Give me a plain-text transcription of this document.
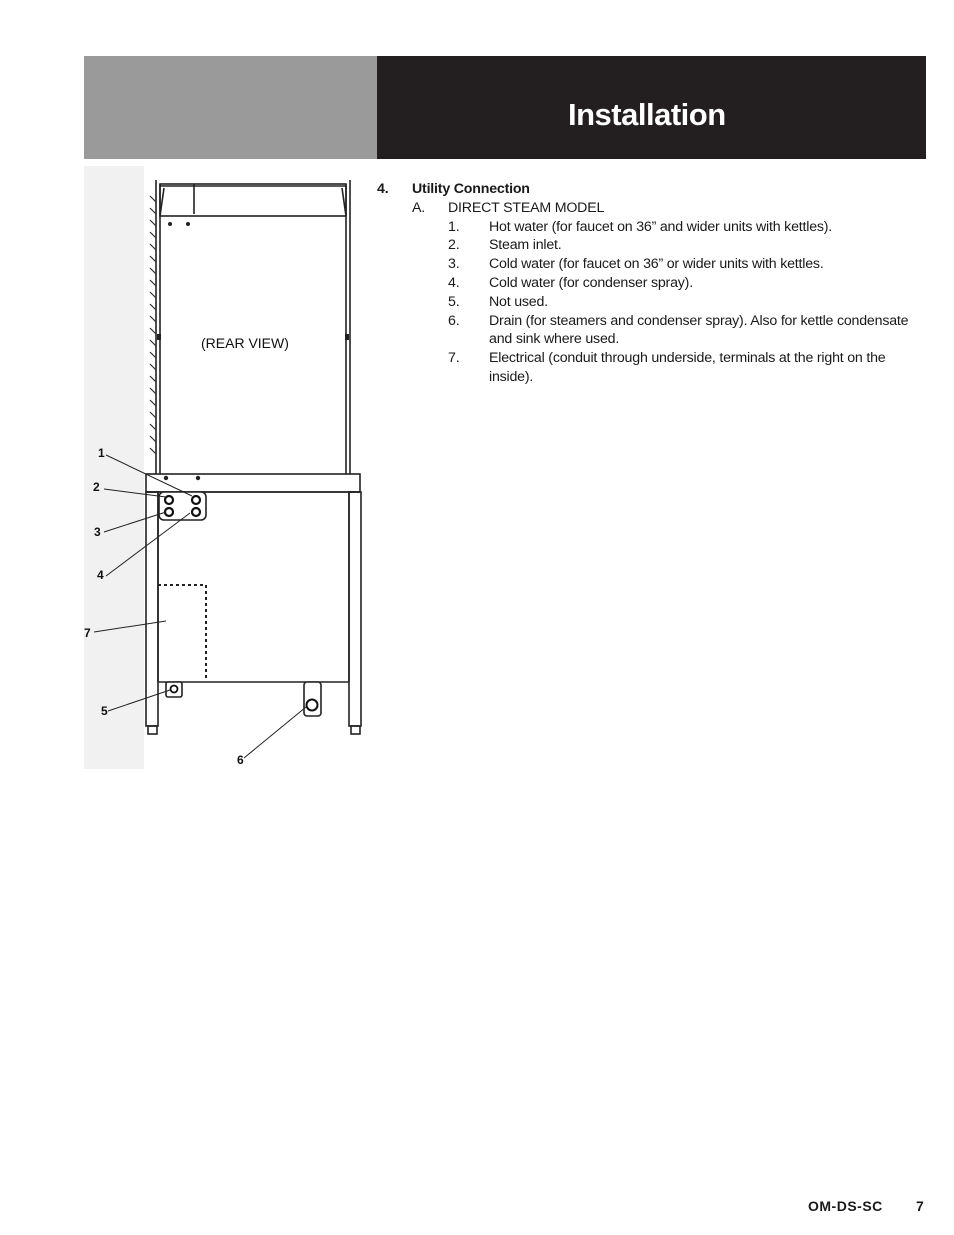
Installation
(REAR VIEW)
1
2
3
4
7
5
6
4. Utility Connection
A. DIRECT STEAM MODEL
1. Hot water (for faucet on 36” and wider units with kettles).
2. Steam inlet.
3. Cold water (for faucet on 36” or wider units with kettles.
4. Cold water (for condenser spray).
5. Not used.
6. Drain (for steamers and condenser spray). Also for kettle condensate and sink where used.
7. Electrical (conduit through underside, terminals at the right on the inside).
OM-DS-SC 7
